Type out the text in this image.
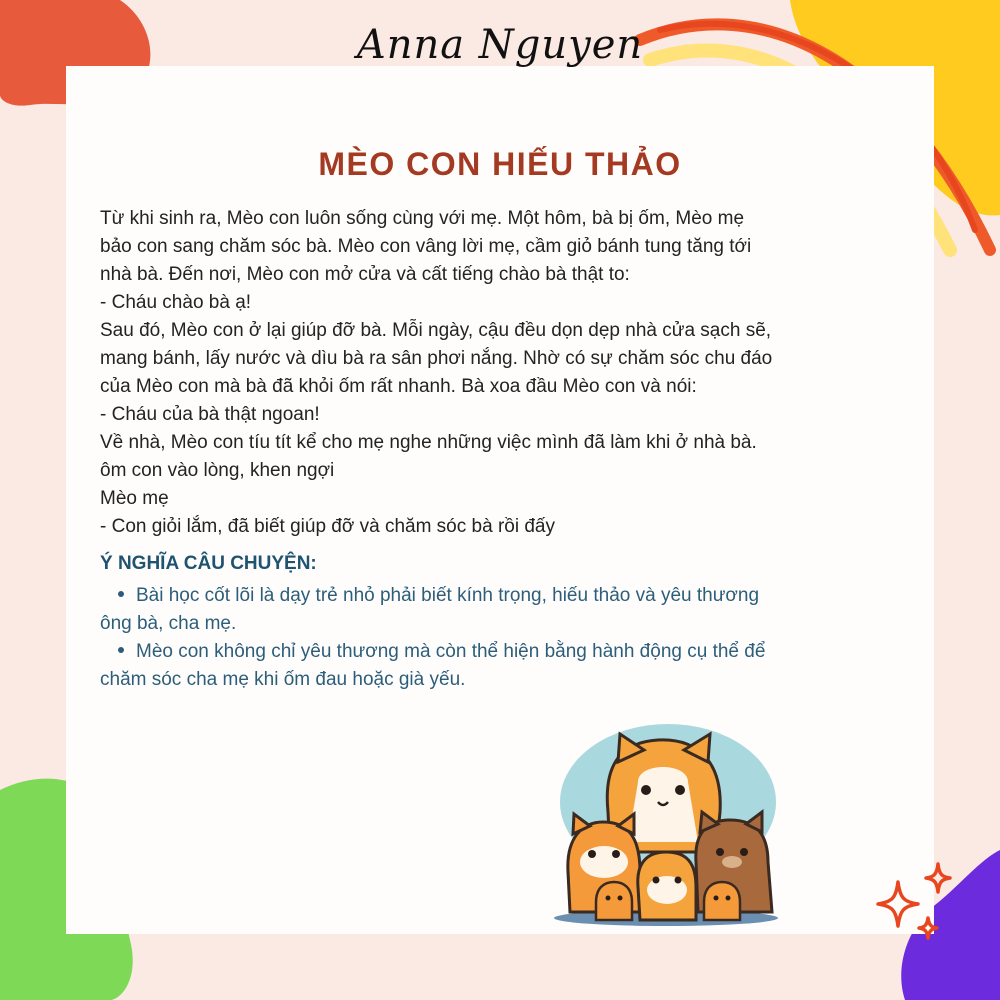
Anna Nguyen
MÈO CON HIẾU THẢO
Từ khi sinh ra, Mèo con luôn sống cùng với mẹ. Một hôm, bà bị ốm, Mèo mẹ
bảo con sang chăm sóc bà. Mèo con vâng lời mẹ, cầm giỏ bánh tung tăng tới
nhà bà. Đến nơi, Mèo con mở cửa và cất tiếng chào bà thật to:
- Cháu chào bà ạ!
Sau đó, Mèo con ở lại giúp đỡ bà. Mỗi ngày, cậu đều dọn dẹp nhà cửa sạch sẽ,
mang bánh, lấy nước và dìu bà ra sân phơi nắng. Nhờ có sự chăm sóc chu đáo
của Mèo con mà bà đã khỏi ốm rất nhanh. Bà xoa đầu Mèo con và nói:
- Cháu của bà thật ngoan!
Về nhà, Mèo con tíu tít kể cho mẹ nghe những việc mình đã làm khi ở nhà bà.
ôm con vào lòng, khen ngợi
Mèo mẹ
- Con giỏi lắm, đã biết giúp đỡ và chăm sóc bà rồi đấy
Ý NGHĨA CÂU CHUYỆN:
Bài học cốt lõi là dạy trẻ nhỏ phải biết kính trọng, hiếu thảo và yêu thương
ông bà, cha mẹ.
Mèo con không chỉ yêu thương mà còn thể hiện bằng hành động cụ thể để
chăm sóc cha mẹ khi ốm đau hoặc già yếu.
